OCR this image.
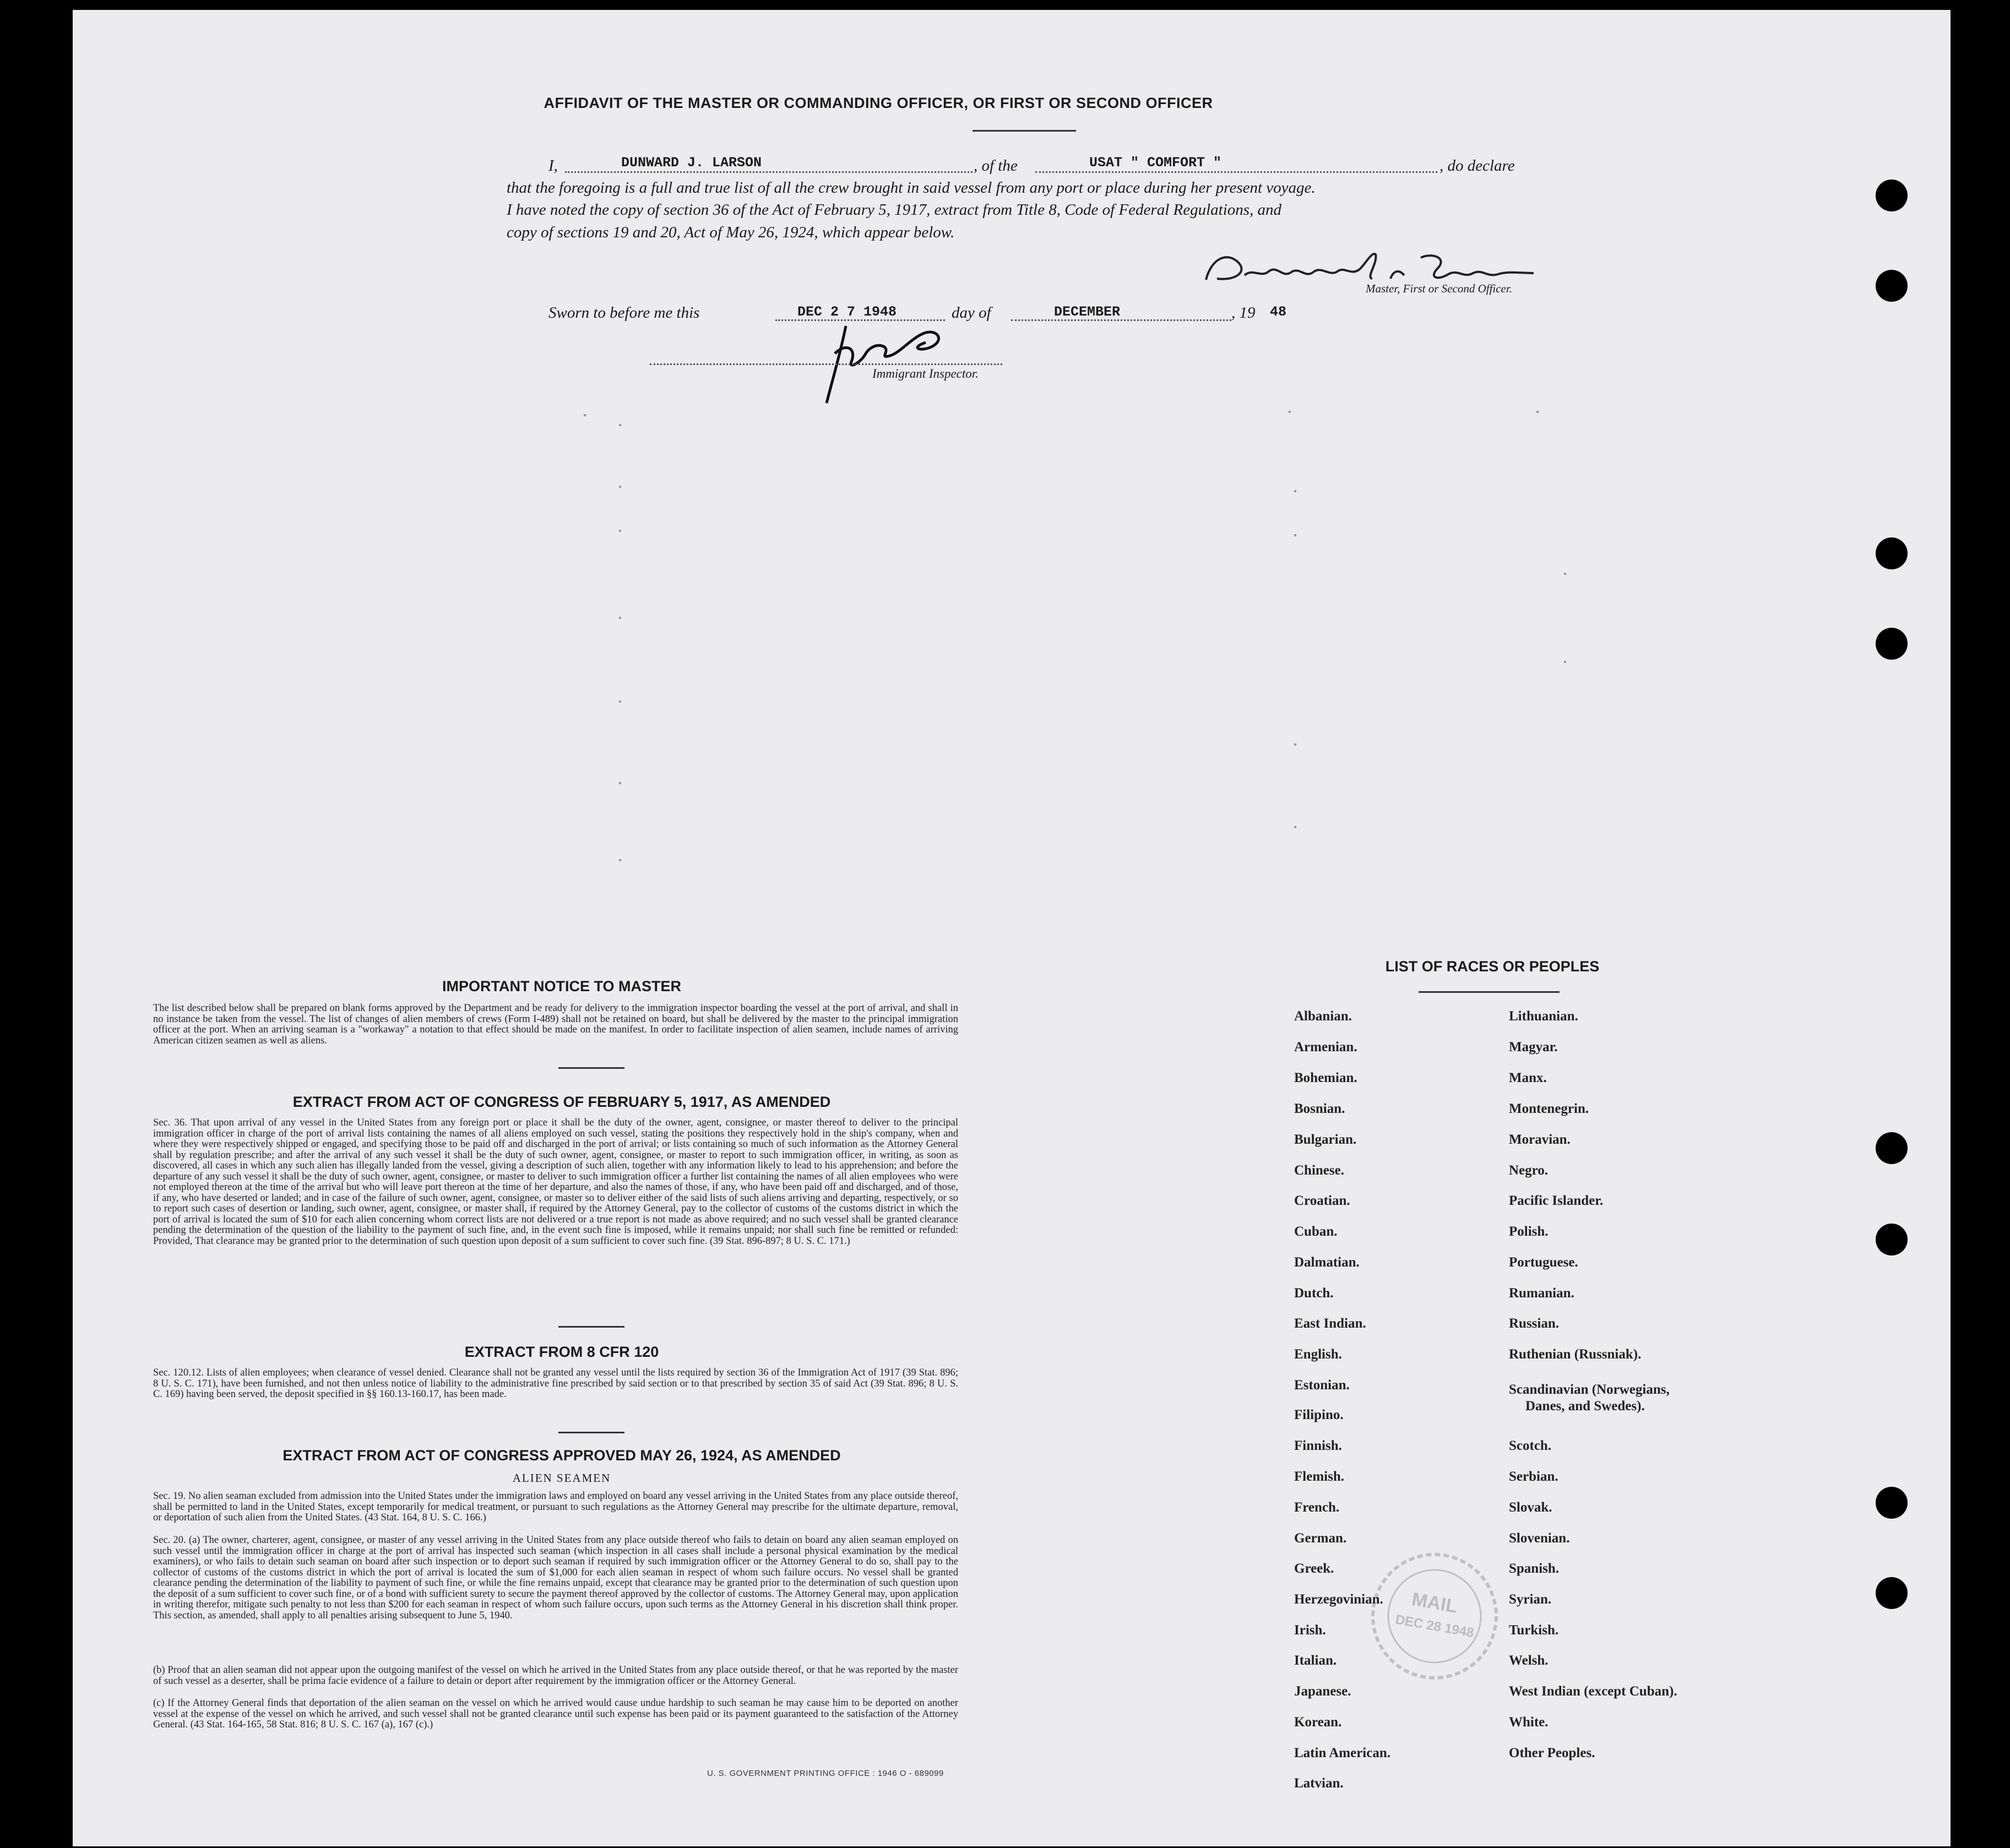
AFFIDAVIT OF THE MASTER OR COMMANDING OFFICER, OR FIRST OR SECOND OFFICER
I,	DUNWARD J. LARSON	, of the	USAT " COMFORT "	, do declare
that the foregoing is a full and true list of all the crew brought in said vessel from any port or place during her present voyage.
I have noted the copy of section 36 of the Act of February 5, 1917, extract from Title 8, Code of Federal Regulations, and
copy of sections 19 and 20, Act of May 26, 1924, which appear below.
Master, First or Second Officer.
Sworn to before me this	DEC 2 7 1948	day of	DECEMBER	, 19 48
Immigrant Inspector.
IMPORTANT NOTICE TO MASTER
The list described below shall be prepared on blank forms approved by the Department and be ready for delivery to the immigration inspector boarding the vessel at the port of arrival, and shall in no instance be taken from the vessel. The list of changes of alien members of crews (Form I-489) shall not be retained on board, but shall be delivered by the master to the principal immigration officer at the port. When an arriving seaman is a "workaway" a notation to that effect should be made on the manifest. In order to facilitate inspection of alien seamen, include names of arriving American citizen seamen as well as aliens.
EXTRACT FROM ACT OF CONGRESS OF FEBRUARY 5, 1917, AS AMENDED
Sec. 36. That upon arrival of any vessel in the United States from any foreign port or place it shall be the duty of the owner, agent, consignee, or master thereof to deliver to the principal immigration officer in charge of the port of arrival lists containing the names of all aliens employed on such vessel, stating the positions they respectively hold in the ship's company, when and where they were respectively shipped or engaged, and specifying those to be paid off and discharged in the port of arrival; or lists containing so much of such information as the Attorney General shall by regulation prescribe; and after the arrival of any such vessel it shall be the duty of such owner, agent, consignee, or master to report to such immigration officer, in writing, as soon as discovered, all cases in which any such alien has illegally landed from the vessel, giving a description of such alien, together with any information likely to lead to his apprehension; and before the departure of any such vessel it shall be the duty of such owner, agent, consignee, or master to deliver to such immigration officer a further list containing the names of all alien employees who were not employed thereon at the time of the arrival but who will leave port thereon at the time of her departure, and also the names of those, if any, who have been paid off and discharged, and of those, if any, who have deserted or landed; and in case of the failure of such owner, agent, consignee, or master so to deliver either of the said lists of such aliens arriving and departing, respectively, or so to report such cases of desertion or landing, such owner, agent, consignee, or master shall, if required by the Attorney General, pay to the collector of customs of the customs district in which the port of arrival is located the sum of $10 for each alien concerning whom correct lists are not delivered or a true report is not made as above required; and no such vessel shall be granted clearance pending the determination of the question of the liability to the payment of such fine, and, in the event such fine is imposed, while it remains unpaid; nor shall such fine be remitted or refunded: Provided, That clearance may be granted prior to the determination of such question upon deposit of a sum sufficient to cover such fine. (39 Stat. 896-897; 8 U. S. C. 171.)
EXTRACT FROM 8 CFR 120
Sec. 120.12. Lists of alien employees; when clearance of vessel denied. Clearance shall not be granted any vessel until the lists required by section 36 of the Immigration Act of 1917 (39 Stat. 896; 8 U. S. C. 171), have been furnished, and not then unless notice of liability to the administrative fine prescribed by said section or to that prescribed by section 35 of said Act (39 Stat. 896; 8 U. S. C. 169) having been served, the deposit specified in §§ 160.13-160.17, has been made.
EXTRACT FROM ACT OF CONGRESS APPROVED MAY 26, 1924, AS AMENDED
ALIEN SEAMEN
Sec. 19. No alien seaman excluded from admission into the United States under the immigration laws and employed on board any vessel arriving in the United States from any place outside thereof, shall be permitted to land in the United States, except temporarily for medical treatment, or pursuant to such regulations as the Attorney General may prescribe for the ultimate departure, removal, or deportation of such alien from the United States. (43 Stat. 164, 8 U. S. C. 166.)
Sec. 20. (a) The owner, charterer, agent, consignee, or master of any vessel arriving in the United States from any place outside thereof who fails to detain on board any alien seaman employed on such vessel until the immigration officer in charge at the port of arrival has inspected such seaman (which inspection in all cases shall include a personal physical examination by the medical examiners), or who fails to detain such seaman on board after such inspection or to deport such seaman if required by such immigration officer or the Attorney General to do so, shall pay to the collector of customs of the customs district in which the port of arrival is located the sum of $1,000 for each alien seaman in respect of whom such failure occurs. No vessel shall be granted clearance pending the determination of the liability to payment of such fine, or while the fine remains unpaid, except that clearance may be granted prior to the determination of such question upon the deposit of a sum sufficient to cover such fine, or of a bond with sufficient surety to secure the payment thereof approved by the collector of customs. The Attorney General may, upon application in writing therefor, mitigate such penalty to not less than $200 for each seaman in respect of whom such failure occurs, upon such terms as the Attorney General in his discretion shall think proper. This section, as amended, shall apply to all penalties arising subsequent to June 5, 1940.
(b) Proof that an alien seaman did not appear upon the outgoing manifest of the vessel on which he arrived in the United States from any place outside thereof, or that he was reported by the master of such vessel as a deserter, shall be prima facie evidence of a failure to detain or deport after requirement by the immigration officer or the Attorney General.
(c) If the Attorney General finds that deportation of the alien seaman on the vessel on which he arrived would cause undue hardship to such seaman he may cause him to be deported on another vessel at the expense of the vessel on which he arrived, and such vessel shall not be granted clearance until such expense has been paid or its payment guaranteed to the satisfaction of the Attorney General. (43 Stat. 164-165, 58 Stat. 816; 8 U. S. C. 167 (a), 167 (c).)
U. S. GOVERNMENT PRINTING OFFICE : 1946 O - 689099
LIST OF RACES OR PEOPLES
Albanian.
Armenian.
Bohemian.
Bosnian.
Bulgarian.
Chinese.
Croatian.
Cuban.
Dalmatian.
Dutch.
East Indian.
English.
Estonian.
Filipino.
Finnish.
Flemish.
French.
German.
Greek.
Herzegovinian.
Irish.
Italian.
Japanese.
Korean.
Latin American.
Latvian.
Lithuanian.
Magyar.
Manx.
Montenegrin.
Moravian.
Negro.
Pacific Islander.
Polish.
Portuguese.
Rumanian.
Russian.
Ruthenian (Russniak).
Scandinavian (Norwegians,
Danes, and Swedes).
Scotch.
Serbian.
Slovak.
Slovenian.
Spanish.
Syrian.
Turkish.
Welsh.
West Indian (except Cuban).
White.
Other Peoples.
MAIL
DEC 28 1948
